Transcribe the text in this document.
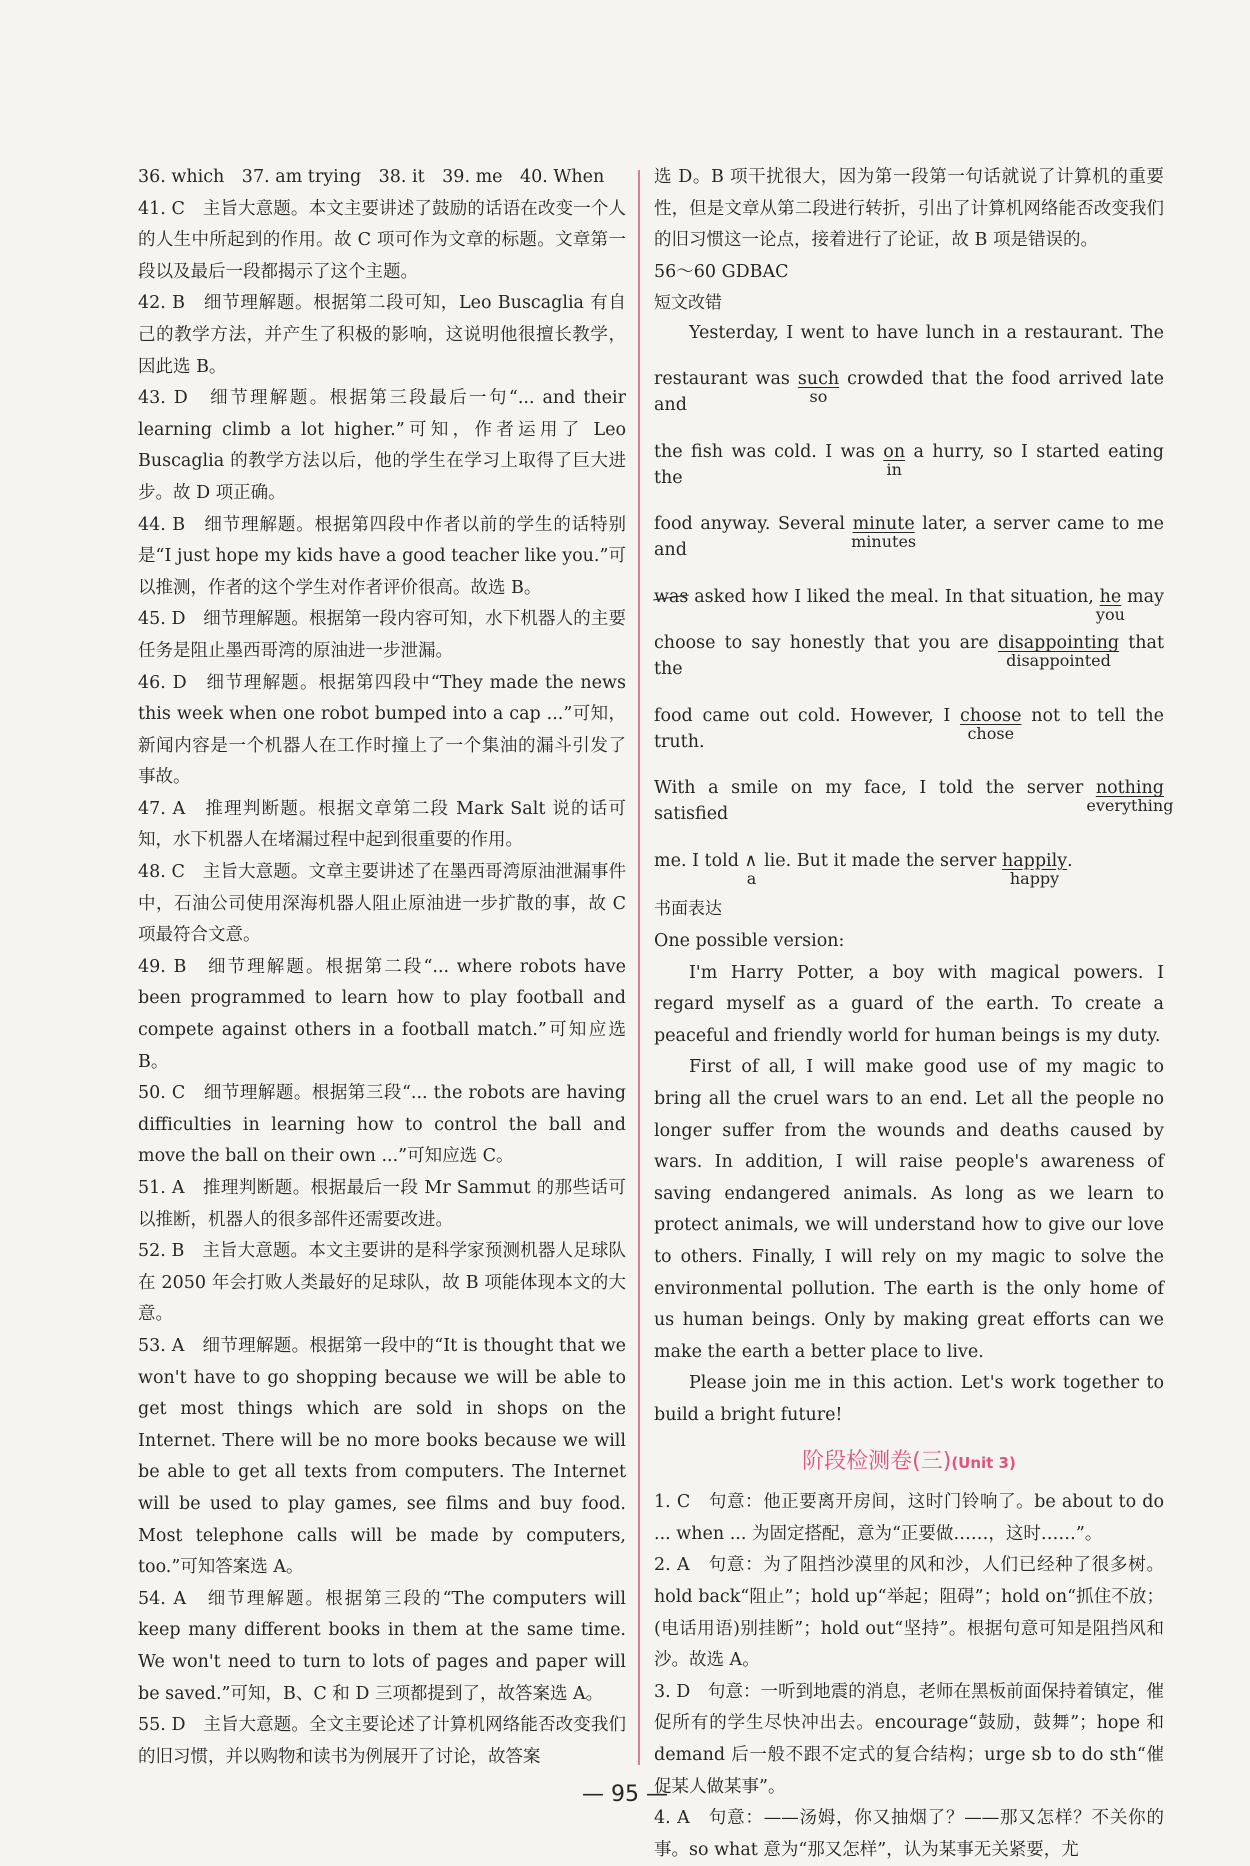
36. which　37. am trying　38. it　39. me　40. When

41. C　主旨大意题。本文主要讲述了鼓励的话语在改变一个人的人生中所起到的作用。故 C 项可作为文章的标题。文章第一段以及最后一段都揭示了这个主题。

42. B　细节理解题。根据第二段可知，Leo Buscaglia 有自己的教学方法，并产生了积极的影响，这说明他很擅长教学，因此选 B。

43. D　细节理解题。根据第三段最后一句“... and their learning climb a lot higher.”可知，作者运用了 Leo Buscaglia 的教学方法以后，他的学生在学习上取得了巨大进步。故 D 项正确。

44. B　细节理解题。根据第四段中作者以前的学生的话特别是“I just hope my kids have a good teacher like you.”可以推测，作者的这个学生对作者评价很高。故选 B。

45. D　细节理解题。根据第一段内容可知，水下机器人的主要任务是阻止墨西哥湾的原油进一步泄漏。

46. D　细节理解题。根据第四段中“They made the news this week when one robot bumped into a cap ...”可知，新闻内容是一个机器人在工作时撞上了一个集油的漏斗引发了事故。

47. A　推理判断题。根据文章第二段 Mark Salt 说的话可知，水下机器人在堵漏过程中起到很重要的作用。

48. C　主旨大意题。文章主要讲述了在墨西哥湾原油泄漏事件中，石油公司使用深海机器人阻止原油进一步扩散的事，故 C 项最符合文意。

49. B　细节理解题。根据第二段“... where robots have been programmed to learn how to play football and compete against others in a football match.”可知应选 B。

50. C　细节理解题。根据第三段“... the robots are having difficulties in learning how to control the ball and move the ball on their own ...”可知应选 C。

51. A　推理判断题。根据最后一段 Mr Sammut 的那些话可以推断，机器人的很多部件还需要改进。

52. B　主旨大意题。本文主要讲的是科学家预测机器人足球队在 2050 年会打败人类最好的足球队，故 B 项能体现本文的大意。

53. A　细节理解题。根据第一段中的“It is thought that we won't have to go shopping because we will be able to get most things which are sold in shops on the Internet. There will be no more books because we will be able to get all texts from computers. The Internet will be used to play games, see films and buy food. Most telephone calls will be made by computers, too.”可知答案选 A。

54. A　细节理解题。根据第三段的“The computers will keep many different books in them at the same time. We won't need to turn to lots of pages and paper will be saved.”可知，B、C 和 D 三项都提到了，故答案选 A。

55. D　主旨大意题。全文主要论述了计算机网络能否改变我们的旧习惯，并以购物和读书为例展开了讨论，故答案

选 D。B 项干扰很大，因为第一段第一句话就说了计算机的重要性，但是文章从第二段进行转折，引出了计算机网络能否改变我们的旧习惯这一论点，接着进行了论证，故 B 项是错误的。

56～60 GDBAC

短文改错

Yesterday, I went to have lunch in a restaurant. The
restaurant was such
so
crowded that the food arrived late and
the fish was cold. I was on
in
a hurry, so I started eating the
food anyway. Several minute
minutes
later, a server came to me and
was asked how I liked the meal. In that situation, he
you
may
choose to say honestly that you are disappointing
disappointed
that the
food came out cold. However, I choose
chose
not to tell the truth.
With a smile on my face, I told the server nothing
everything
satisfied
me. I told ∧
a
lie. But it made the server happily
happy
.

书面表达

One possible version:

I'm Harry Potter, a boy with magical powers. I regard myself as a guard of the earth. To create a peaceful and friendly world for human beings is my duty.

First of all, I will make good use of my magic to bring all the cruel wars to an end. Let all the people no longer suffer from the wounds and deaths caused by wars. In addition, I will raise people's awareness of saving endangered animals. As long as we learn to protect animals, we will understand how to give our love to others. Finally, I will rely on my magic to solve the environmental pollution. The earth is the only home of us human beings. Only by making great efforts can we make the earth a better place to live.

Please join me in this action. Let's work together to build a bright future!

阶段检测卷(三)(Unit 3)

1. C　句意：他正要离开房间，这时门铃响了。be about to do ... when ... 为固定搭配，意为“正要做……，这时……”。

2. A　句意：为了阻挡沙漠里的风和沙，人们已经种了很多树。hold back“阻止”；hold up“举起；阻碍”；hold on“抓住不放；(电话用语)别挂断”；hold out“坚持”。根据句意可知是阻挡风和沙。故选 A。

3. D　句意：一听到地震的消息，老师在黑板前面保持着镇定，催促所有的学生尽快冲出去。encourage“鼓励，鼓舞”；hope 和 demand 后一般不跟不定式的复合结构；urge sb to do sth“催促某人做某事”。

4. A　句意：——汤姆，你又抽烟了？——那又怎样？不关你的事。so what 意为“那又怎样”，认为某事无关紧要，尤

— 95 —
